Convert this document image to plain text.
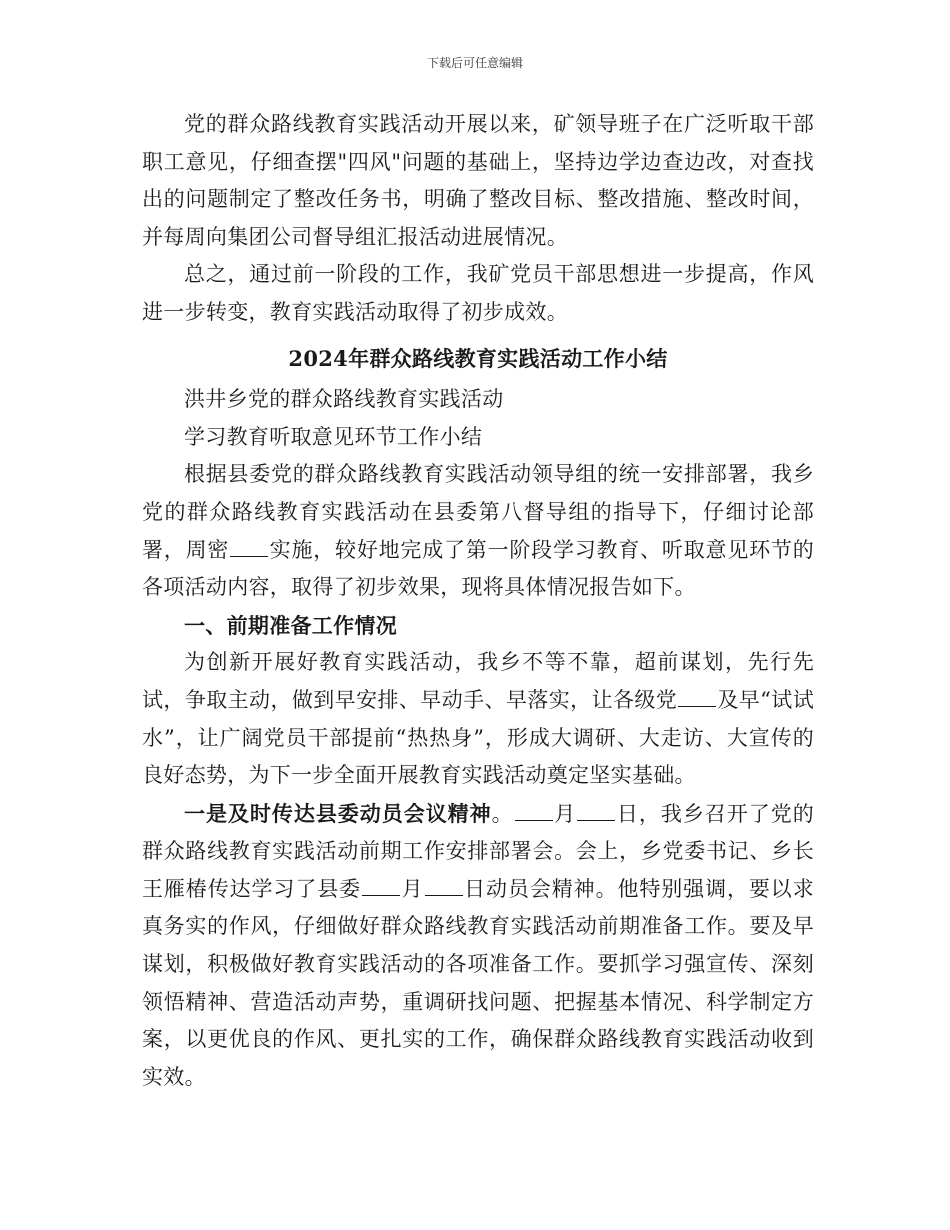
下载后可任意编辑

党的群众路线教育实践活动开展以来，矿领导班子在广泛听取干部职工意见，仔细查摆"四风"问题的基础上，坚持边学边查边改，对查找出的问题制定了整改任务书，明确了整改目标、整改措施、整改时间，并每周向集团公司督导组汇报活动进展情况。

总之，通过前一阶段的工作，我矿党员干部思想进一步提高，作风进一步转变，教育实践活动取得了初步成效。

2024年群众路线教育实践活动工作小结

洪井乡党的群众路线教育实践活动

学习教育听取意见环节工作小结

根据县委党的群众路线教育实践活动领导组的统一安排部署，我乡党的群众路线教育实践活动在县委第八督导组的指导下，仔细讨论部署，周密 实施，较好地完成了第一阶段学习教育、听取意见环节的各项活动内容，取得了初步效果，现将具体情况报告如下。

一、前期准备工作情况

为创新开展好教育实践活动，我乡不等不靠，超前谋划，先行先试，争取主动，做到早安排、早动手、早落实，让各级党 及早“试试水”，让广阔党员干部提前“热热身”，形成大调研、大走访、大宣传的良好态势，为下一步全面开展教育实践活动奠定坚实基础。

一是及时传达县委动员会议精神。 月 日，我乡召开了党的群众路线教育实践活动前期工作安排部署会。会上，乡党委书记、乡长王雁椿传达学习了县委 月 日动员会精神。他特别强调，要以求真务实的作风，仔细做好群众路线教育实践活动前期准备工作。要及早谋划，积极做好教育实践活动的各项准备工作。要抓学习强宣传、深刻领悟精神、营造活动声势，重调研找问题、把握基本情况、科学制定方案，以更优良的作风、更扎实的工作，确保群众路线教育实践活动收到实效。
